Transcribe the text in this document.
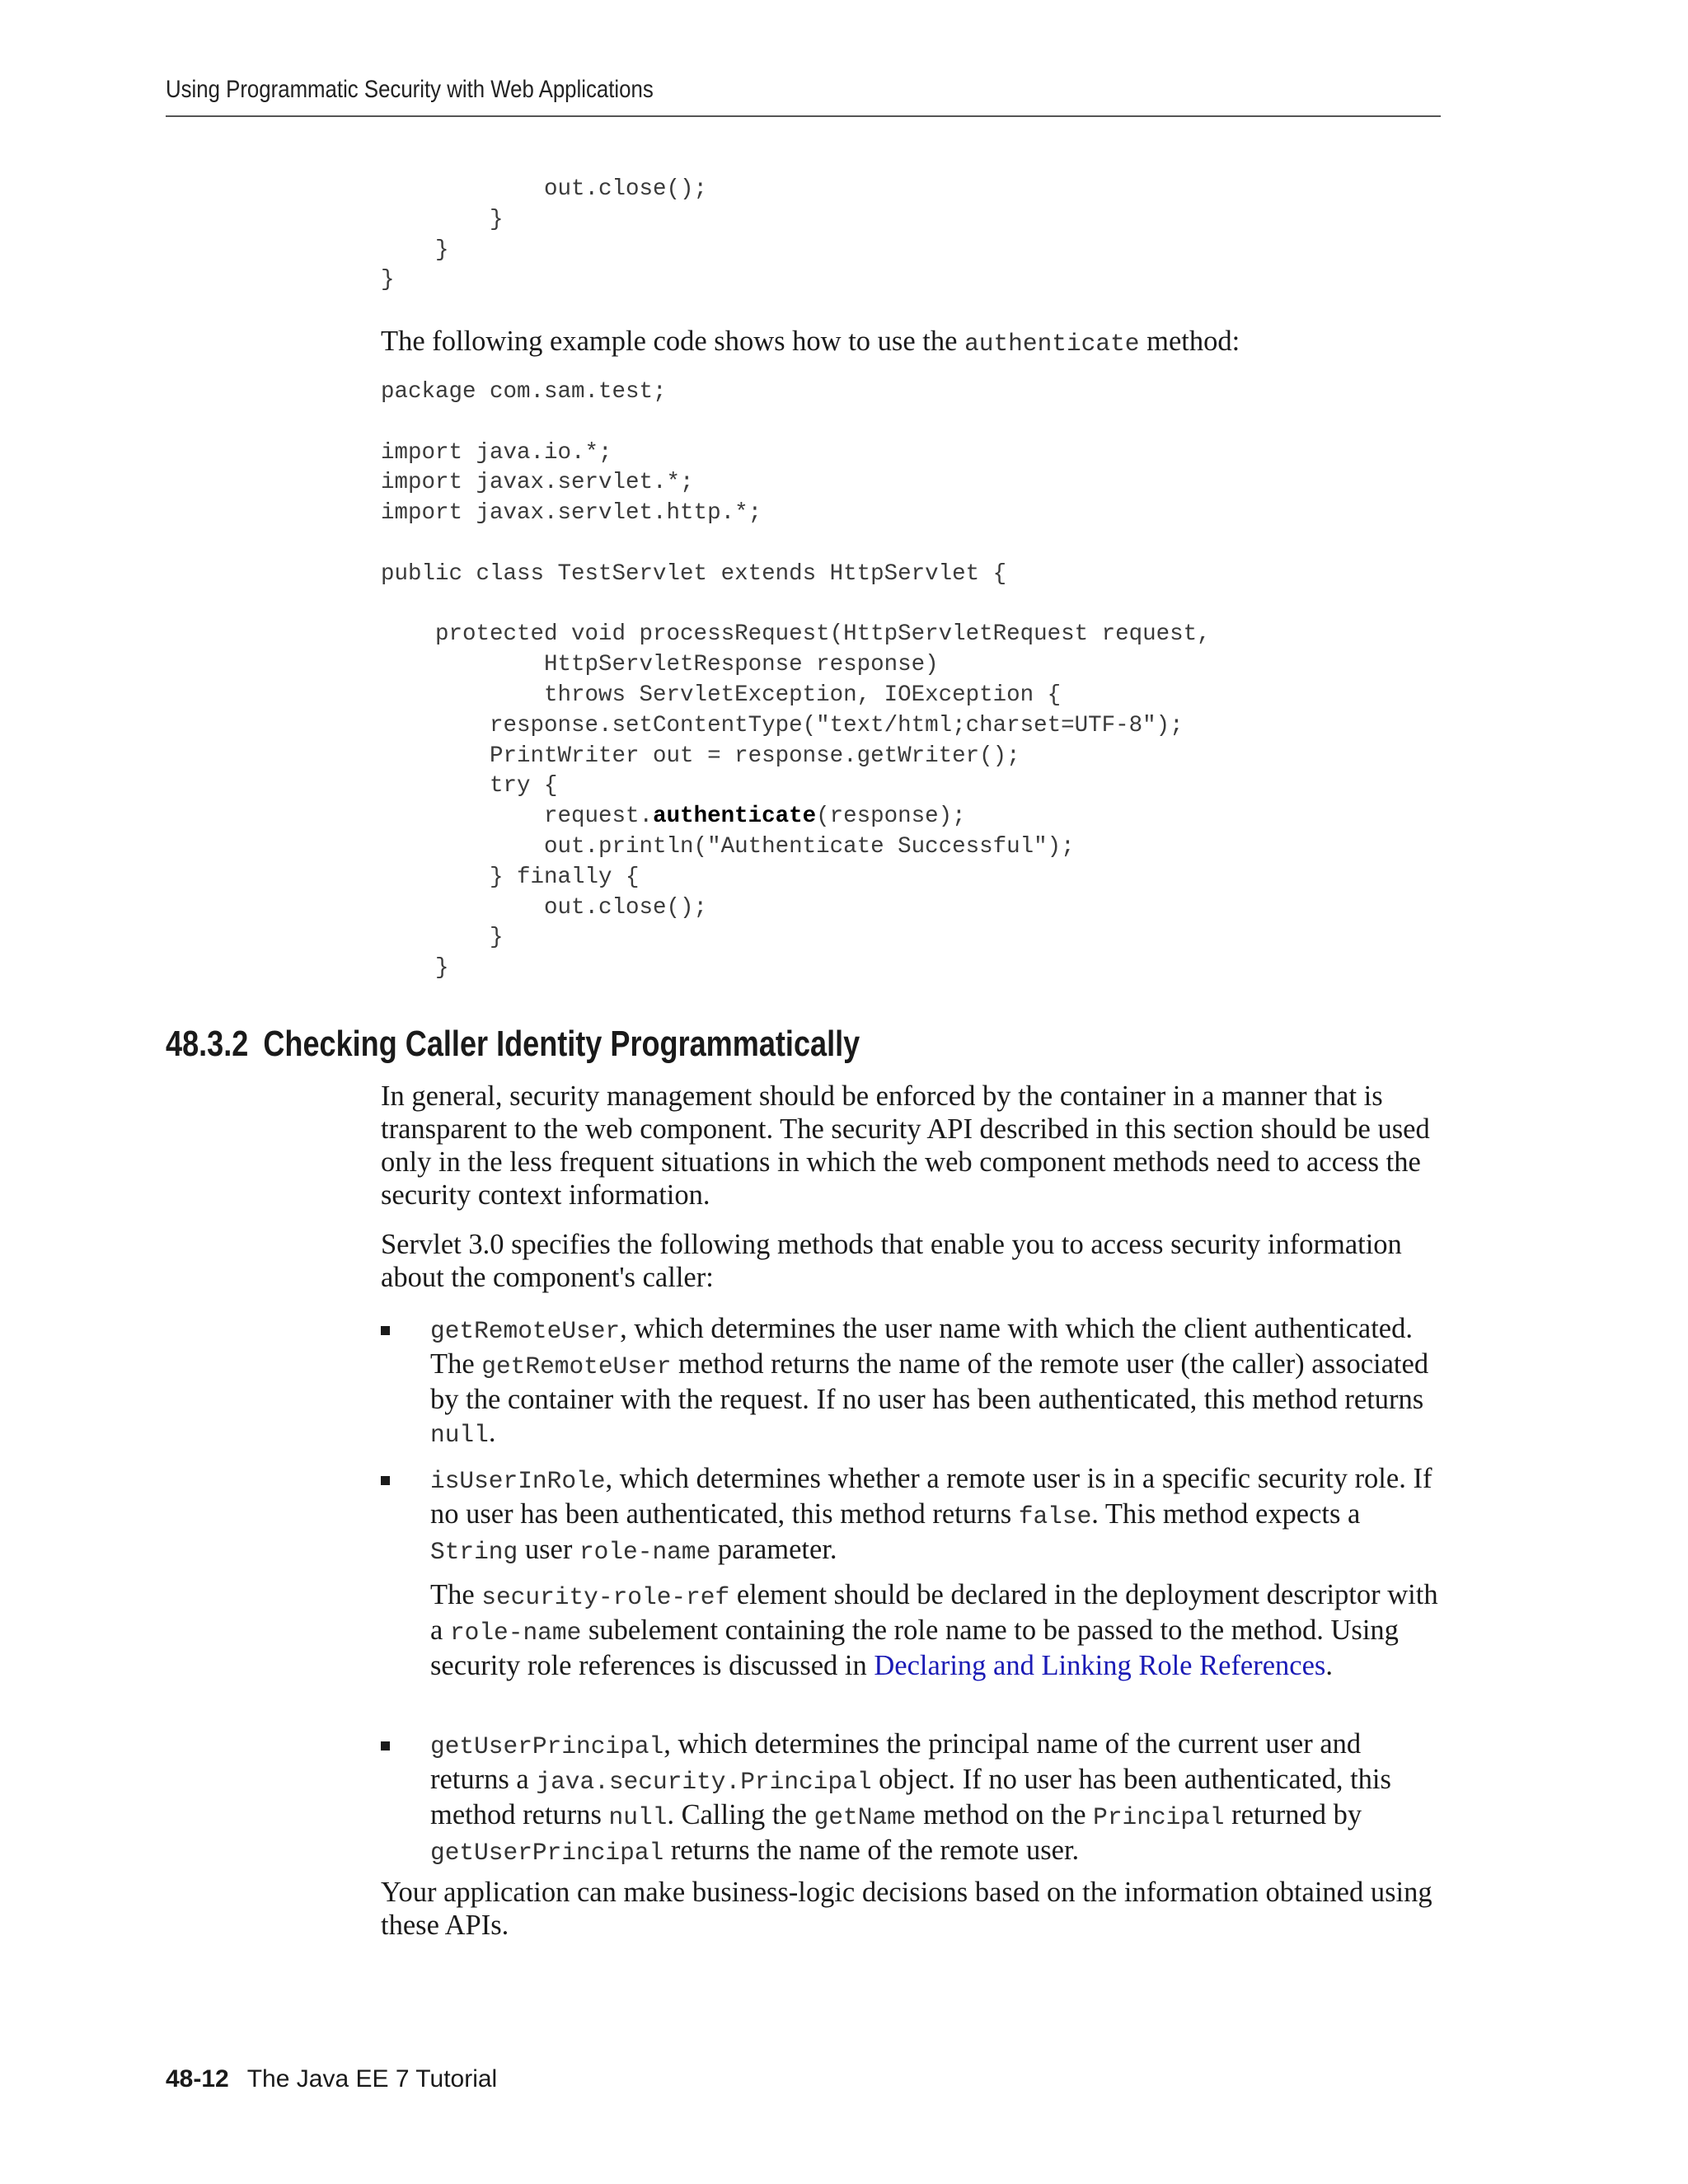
Using Programmatic Security with Web Applications
out.close();
}
}
}
The following example code shows how to use the authenticate method:
package com.sam.test;

import java.io.*;
import javax.servlet.*;
import javax.servlet.http.*;

public class TestServlet extends HttpServlet {

protected void processRequest(HttpServletRequest request,
HttpServletResponse response)
throws ServletException, IOException {
response.setContentType("text/html;charset=UTF-8");
PrintWriter out = response.getWriter();
try {
request.authenticate(response);
out.println("Authenticate Successful");
} finally {
out.close();
}
}
48.3.2 Checking Caller Identity Programmatically
In general, security management should be enforced by the container in a manner that is transparent to the web component. The security API described in this section should be used only in the less frequent situations in which the web component methods need to access the security context information.
Servlet 3.0 specifies the following methods that enable you to access security information about the component's caller:
getRemoteUser, which determines the user name with which the client authenticated. The getRemoteUser method returns the name of the remote user (the caller) associated by the container with the request. If no user has been authenticated, this method returns null.
isUserInRole, which determines whether a remote user is in a specific security role. If no user has been authenticated, this method returns false. This method expects a String user role-name parameter.
The security-role-ref element should be declared in the deployment descriptor with a role-name subelement containing the role name to be passed to the method. Using security role references is discussed in Declaring and Linking Role References.
getUserPrincipal, which determines the principal name of the current user and returns a java.security.Principal object. If no user has been authenticated, this method returns null. Calling the getName method on the Principal returned by getUserPrincipal returns the name of the remote user.
Your application can make business-logic decisions based on the information obtained using these APIs.
48-12 The Java EE 7 Tutorial
